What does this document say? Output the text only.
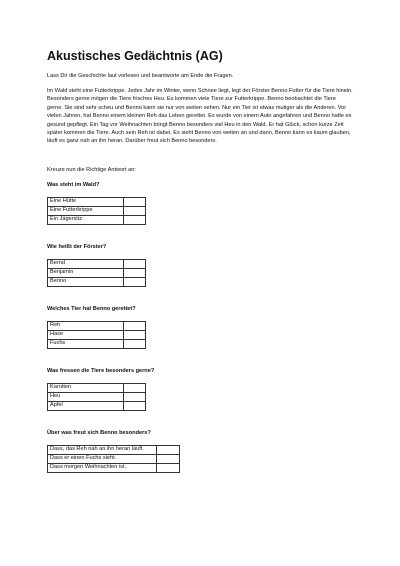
Akustisches Gedächtnis (AG)
Lass Dir die Geschichte laut vorlesen und beantworte am Ende die Fragen.
Im Wald steht eine Futterkrippe. Jedes Jahr im Winter, wenn Schnee liegt, legt der Förster Benno Futter für die Tiere hinein. Besonders gerne mögen die Tiere frisches Heu. Es kommen viele Tiere zur Futterkrippe. Benno beobachtet die Tiere gerne. Sie sind sehr scheu und Benno kann sie nur von weiten sehen. Nur ein Tier ist etwas mutiger als die Anderen. Vor vielen Jahren, hat Benno einem kleinen Reh das Leben gerettet. Es wurde von einem Auto angefahren und Benno hatte es gesund gepflegt. Ein Tag vor Weihnachten bringt Benno besonders viel Heu in den Wald. Er hat Glück, schon kurze Zeit später kommen die Tiere. Auch sein Reh ist dabei. Es sieht Benno von weiten an und dann, Benno kann es kaum glauben, läuft es ganz nah an ihn heran. Darüber freut sich Benno besonders.
Kreuze nun die Richtige Antwort an:
Was steht im Wald?
Eine Hütte	
Eine Futterkrippe	
Ein Jägersitz	
Wie heißt der Förster?
Bernd	
Benjamin	
Benno	
Welches Tier hat Benno gerettet?
Reh	
Hase	
Fuchs	
Was fressen die Tiere besonders gerne?
Karotten	
Heu	
Äpfel	
Über was freut sich Benno besonders?
Dass, das Reh nah an ihn heran läuft.	
Dass er einen Fuchs sieht.	
Dass morgen Weihnachten ist.	
